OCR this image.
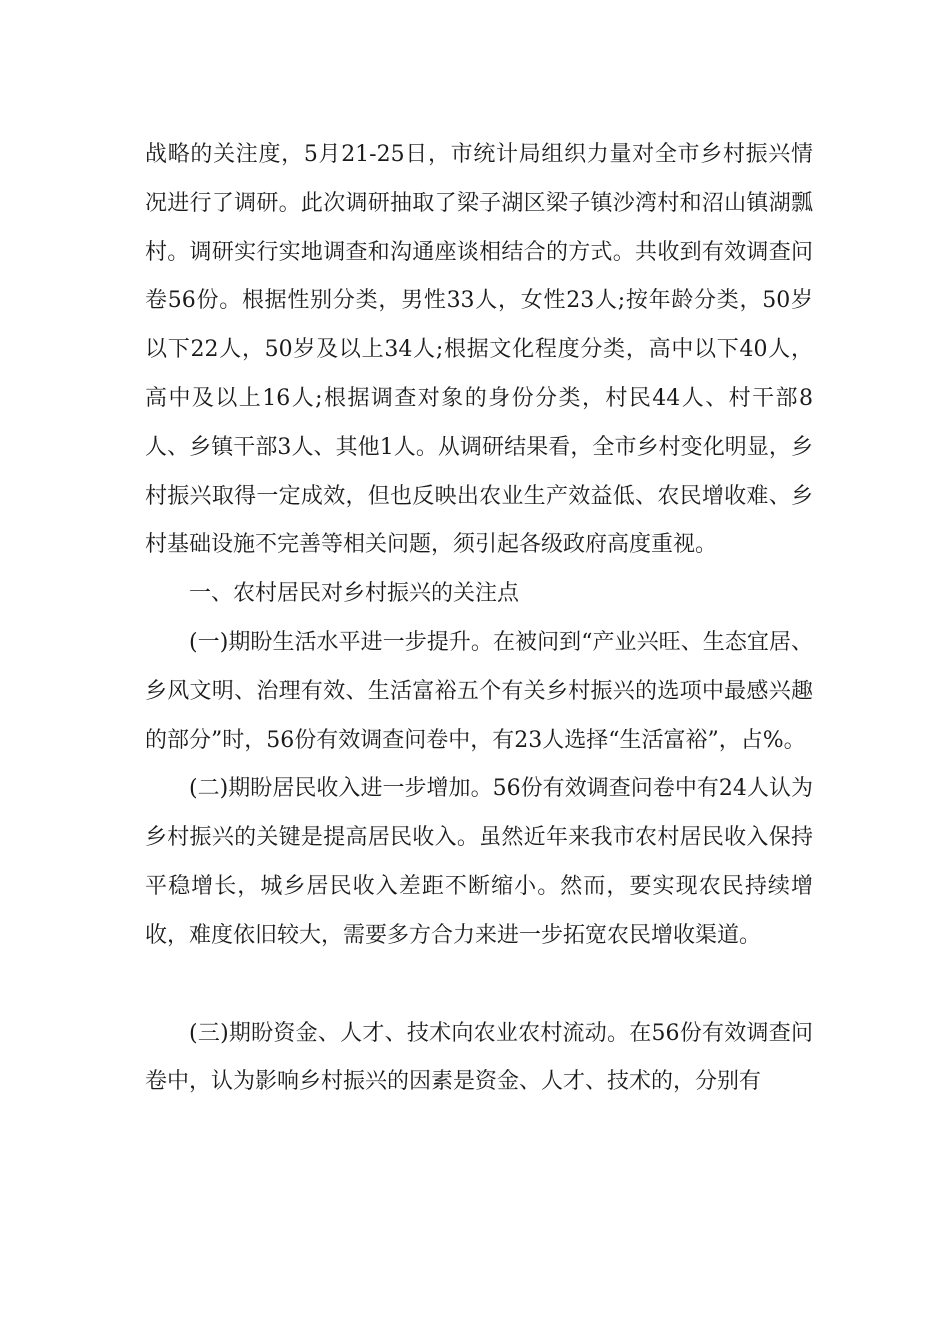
战略的关注度，5月21-25日，市统计局组织力量对全市乡村振兴情况进行了调研。此次调研抽取了梁子湖区梁子镇沙湾村和沼山镇湖瓢村。调研实行实地调查和沟通座谈相结合的方式。共收到有效调查问卷56份。根据性别分类，男性33人，女性23人;按年龄分类，50岁以下22人，50岁及以上34人;根据文化程度分类，高中以下40人，高中及以上16人;根据调查对象的身份分类，村民44人、村干部8人、乡镇干部3人、其他1人。从调研结果看，全市乡村变化明显，乡村振兴取得一定成效，但也反映出农业生产效益低、农民增收难、乡村基础设施不完善等相关问题，须引起各级政府高度重视。

一、农村居民对乡村振兴的关注点

(一)期盼生活水平进一步提升。在被问到“产业兴旺、生态宜居、乡风文明、治理有效、生活富裕五个有关乡村振兴的选项中最感兴趣的部分”时，56份有效调查问卷中，有23人选择“生活富裕”，占%。

(二)期盼居民收入进一步增加。56份有效调查问卷中有24人认为乡村振兴的关键是提高居民收入。虽然近年来我市农村居民收入保持平稳增长，城乡居民收入差距不断缩小。然而，要实现农民持续增收，难度依旧较大，需要多方合力来进一步拓宽农民增收渠道。

(三)期盼资金、人才、技术向农业农村流动。在56份有效调查问卷中，认为影响乡村振兴的因素是资金、人才、技术的，分别有
